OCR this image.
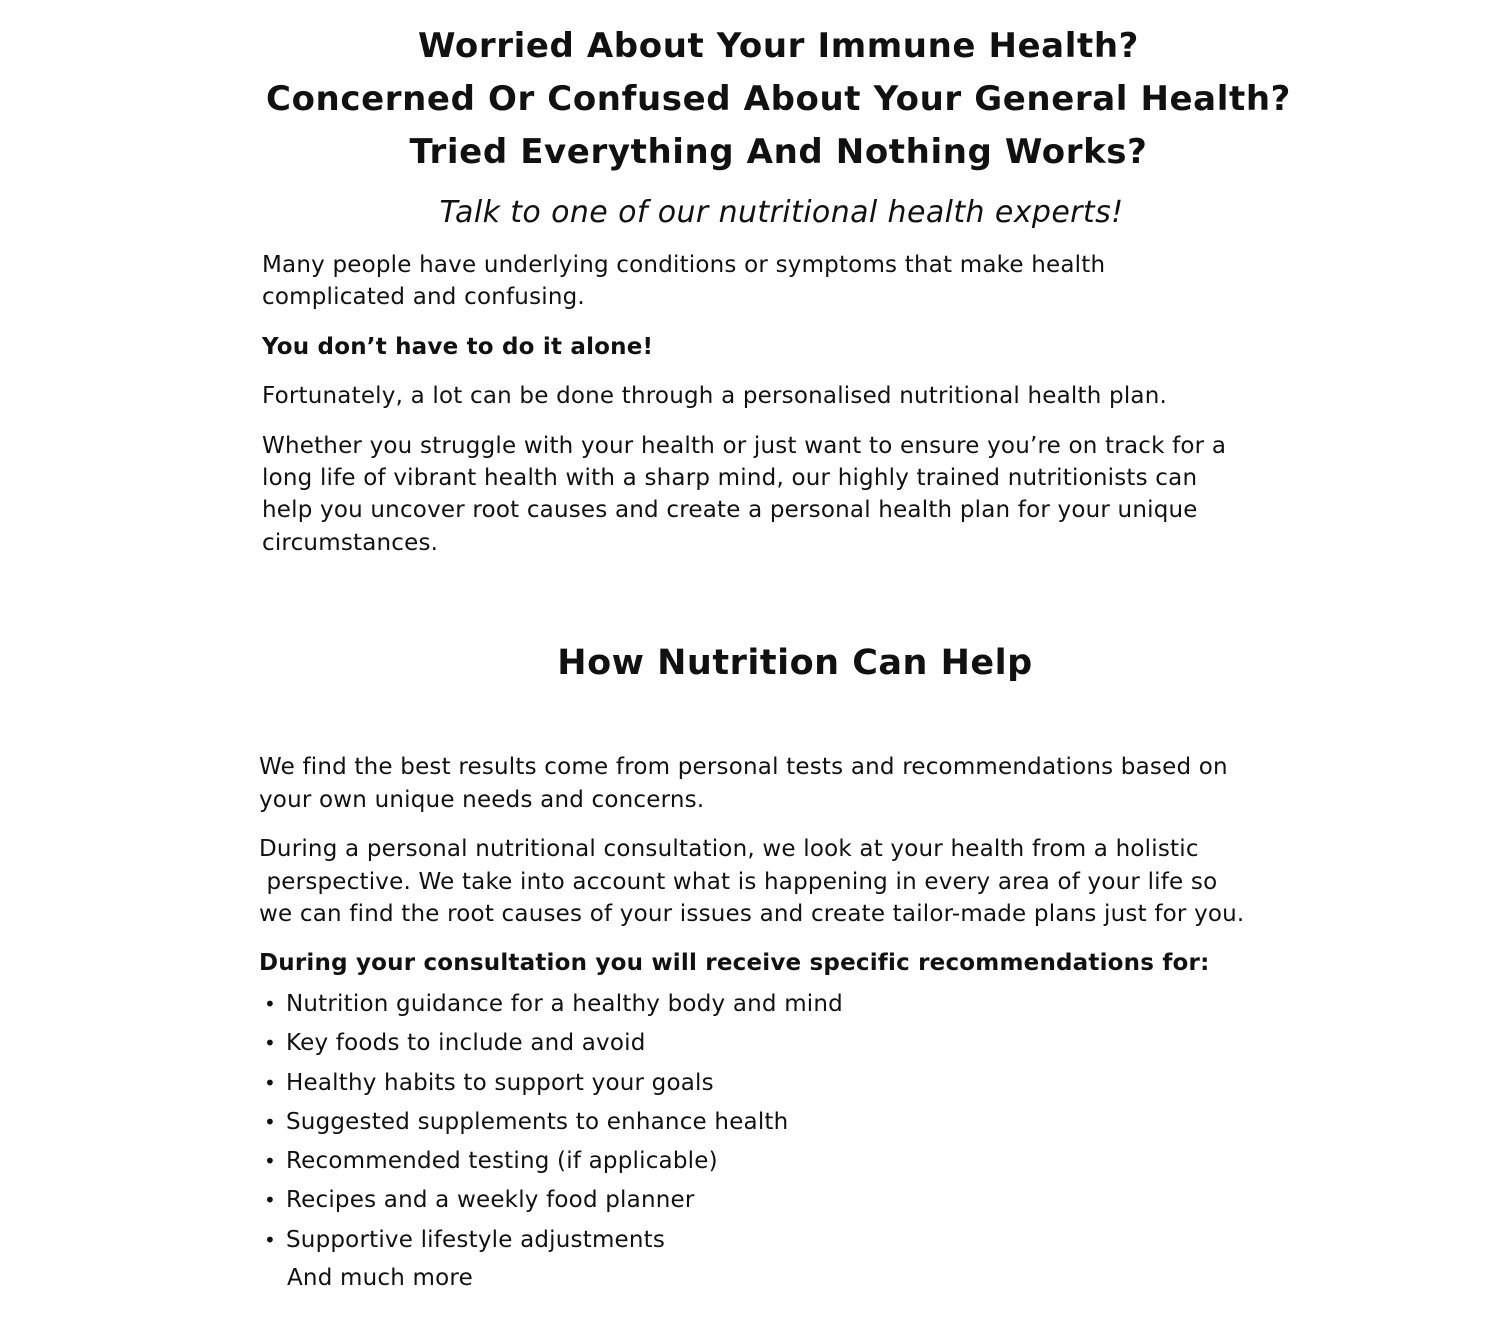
Worried About Your Immune Health?
Concerned Or Confused About Your General Health?
Tried Everything And Nothing Works?

Talk to one of our nutritional health experts!

Many people have underlying conditions or symptoms that make health

complicated and confusing.

You don’t have to do it alone!

Fortunately, a lot can be done through a personalised nutritional health plan.

Whether you struggle with your health or just want to ensure you’re on track for a

long life of vibrant health with a sharp mind, our highly trained nutritionists can

help you uncover root causes and create a personal health plan for your unique

circumstances.

How Nutrition Can Help

We find the best results come from personal tests and recommendations based on

your own unique needs and concerns.

During a personal nutritional consultation, we look at your health from a holistic

perspective. We take into account what is happening in every area of your life so

we can find the root causes of your issues and create tailor-made plans just for you.

During your consultation you will receive specific recommendations for:

• Nutrition guidance for a healthy body and mind
• Key foods to include and avoid
• Healthy habits to support your goals
• Suggested supplements to enhance health
• Recommended testing (if applicable)
• Recipes and a weekly food planner
• Supportive lifestyle adjustments

And much more
